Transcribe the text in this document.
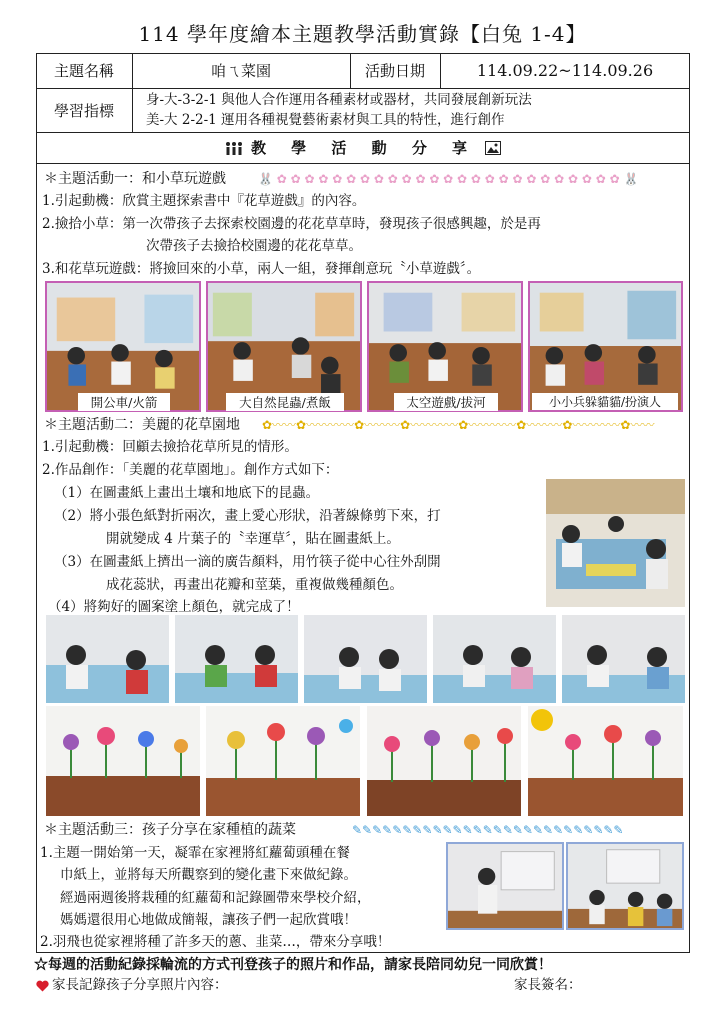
114 學年度繪本主題教學活動實錄【白兔 1-4】
主題名稱	咱ㄟ菜園	活動日期	114.09.22~114.09.26
學習指標
身-大-3-2-1 與他人合作運用各種素材或器材，共同發展創新玩法
美-大 2-2-1 運用各種視覺藝術素材與工具的特性，進行創作
教 學 活 動 分 享
＊主題活動一：和小草玩遊戲	🐰 ✿ ✿ ✿ ✿ ✿ ✿ ✿ ✿ ✿ ✿ ✿ ✿ ✿ ✿ ✿ ✿ ✿ ✿ ✿ ✿ ✿ ✿ ✿ ✿ ✿ 🐰
1.引起動機：欣賞主題探索書中『花草遊戲』的內容。
2.撿拾小草：第一次帶孩子去探索校園邊的花花草草時，發現孩子很感興趣，於是再
次帶孩子去撿拾校園邊的花花草草。
3.和花草玩遊戲：將撿回來的小草，兩人一組，發揮創意玩〝小草遊戲〞。
開公車/火箭	大自然昆蟲/煮飯	太空遊戲/拔河	小小兵躲貓貓/扮演人
＊主題活動二：美麗的花草園地 ✿〰〰✿〰〰〰〰✿〰〰〰✿〰〰〰〰✿〰〰〰〰✿〰〰〰✿〰〰〰〰✿〰〰
1.引起動機：回顧去撿拾花草所見的情形。
2.作品創作：「美麗的花草園地」。創作方式如下：
（1）在圖畫紙上畫出土壤和地底下的昆蟲。
（2）將小張色紙對折兩次，畫上愛心形狀，沿著線條剪下來，打
開就變成 4 片葉子的〝幸運草〞，貼在圖畫紙上。
（3）在圖畫紙上擠出一滴的廣告顏料，用竹筷子從中心往外刮開
成花蕊狀，再畫出花瓣和莖葉，重複做幾種顏色。
（4）將夠好的圖案塗上顏色，就完成了！
＊主題活動三：孩子分享在家種植的蔬菜	✎✎✎✎✎✎✎✎✎✎✎✎✎✎✎✎✎✎✎✎✎✎✎✎✎✎✎
1.主題一開始第一天，凝霏在家裡將紅蘿蔔頭種在餐
巾紙上，並將每天所觀察到的變化畫下來做紀錄。
經過兩週後將栽種的紅蘿蔔和記錄圖帶來學校介紹，
媽媽還很用心地做成簡報，讓孩子們一起欣賞哦！
2.羽飛也從家裡將種了許多天的蔥、韭菜…，帶來分享哦！
☆每週的活動紀錄採輪流的方式刊登孩子的照片和作品，請家長陪同幼兒一同欣賞！
家長記錄孩子分享照片內容：	家長簽名：
